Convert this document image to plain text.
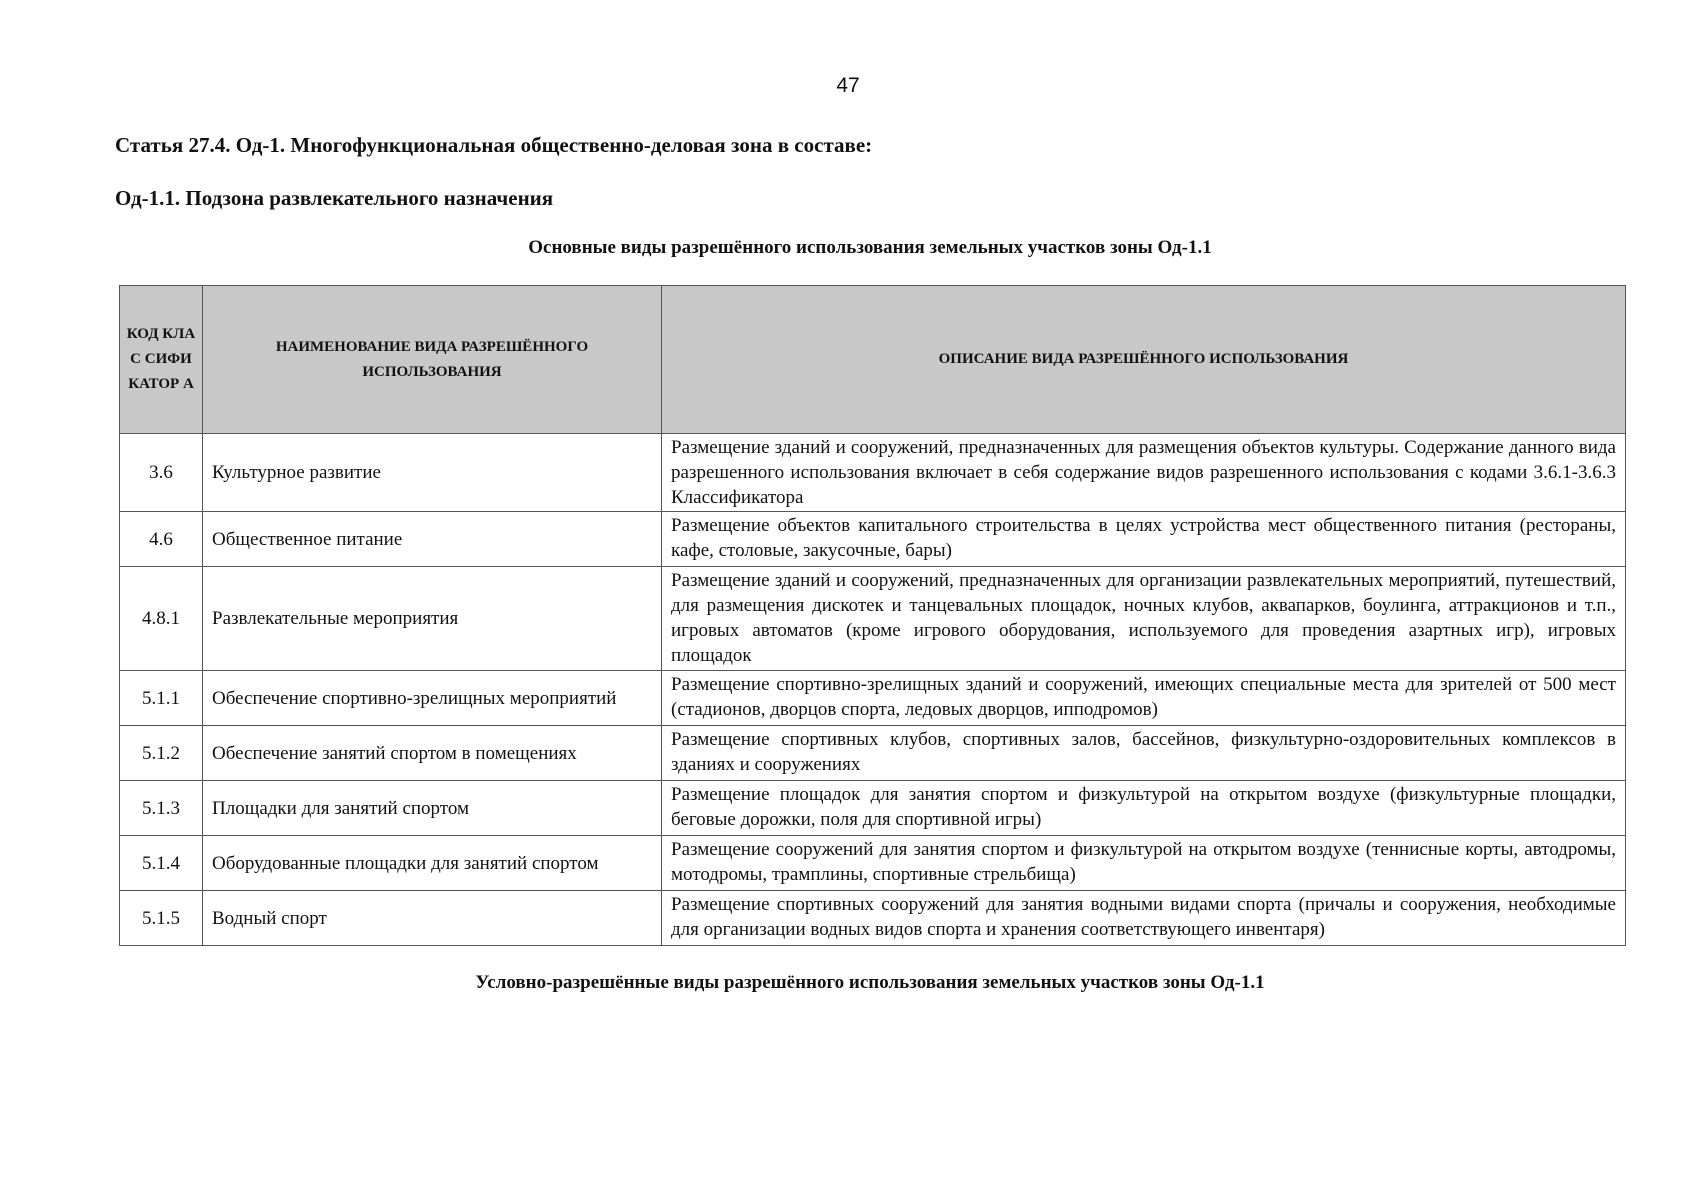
47
Статья 27.4. Од-1. Многофункциональная общественно-деловая зона в составе:
Од-1.1. Подзона развлекательного назначения
Основные виды разрешённого использования земельных участков зоны Од-1.1
КОД КЛАС СИФИ КАТОР А	НАИМЕНОВАНИЕ ВИДА РАЗРЕШЁННОГО ИСПОЛЬЗОВАНИЯ	ОПИСАНИЕ ВИДА РАЗРЕШЁННОГО ИСПОЛЬЗОВАНИЯ
3.6	Культурное развитие	Размещение зданий и сооружений, предназначенных для размещения объектов культуры. Содержание данного вида разрешенного использования включает в себя содержание видов разрешенного использования с кодами 3.6.1-3.6.3 Классификатора
4.6	Общественное питание	Размещение объектов капитального строительства в целях устройства мест общественного питания (рестораны, кафе, столовые, закусочные, бары)
4.8.1	Развлекательные мероприятия	Размещение зданий и сооружений, предназначенных для организации развлекательных мероприятий, путешествий, для размещения дискотек и танцевальных площадок, ночных клубов, аквапарков, боулинга, аттракционов и т.п., игровых автоматов (кроме игрового оборудования, используемого для проведения азартных игр), игровых площадок
5.1.1	Обеспечение спортивно-зрелищных мероприятий	Размещение спортивно-зрелищных зданий и сооружений, имеющих специальные места для зрителей от 500 мест (стадионов, дворцов спорта, ледовых дворцов, ипподромов)
5.1.2	Обеспечение занятий спортом в помещениях	Размещение спортивных клубов, спортивных залов, бассейнов, физкультурно-оздоровительных комплексов в зданиях и сооружениях
5.1.3	Площадки для занятий спортом	Размещение площадок для занятия спортом и физкультурой на открытом воздухе (физкультурные площадки, беговые дорожки, поля для спортивной игры)
5.1.4	Оборудованные площадки для занятий спортом	Размещение сооружений для занятия спортом и физкультурой на открытом воздухе (теннисные корты, автодромы, мотодромы, трамплины, спортивные стрельбища)
5.1.5	Водный спорт	Размещение спортивных сооружений для занятия водными видами спорта (причалы и сооружения, необходимые для организации водных видов спорта и хранения соответствующего инвентаря)
Условно-разрешённые виды разрешённого использования земельных участков зоны Од-1.1
